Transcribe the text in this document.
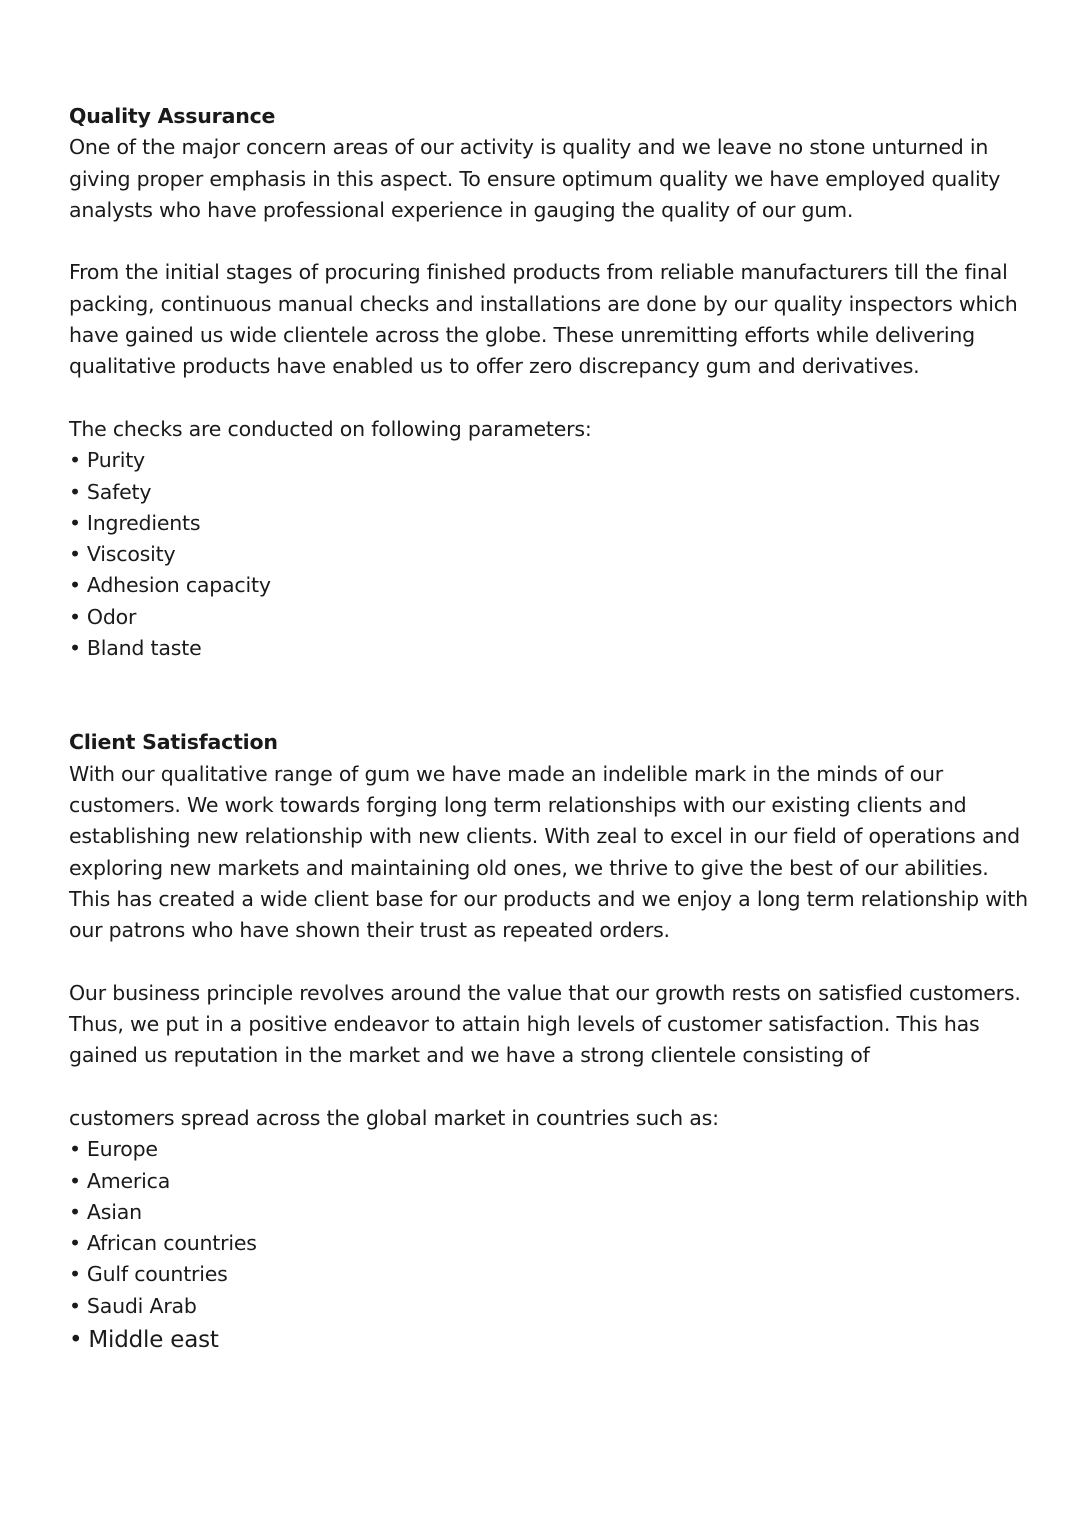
Quality Assurance

One of the major concern areas of our activity is quality and we leave no stone unturned in giving proper emphasis in this aspect. To ensure optimum quality we have employed quality analysts who have professional experience in gauging the quality of our gum.

From the initial stages of procuring finished products from reliable manufacturers till the final packing, continuous manual checks and installations are done by our quality inspectors which have gained us wide clientele across the globe. These unremitting efforts while delivering qualitative products have enabled us to offer zero discrepancy gum and derivatives.

The checks are conducted on following parameters:

• Purity
• Safety
• Ingredients
• Viscosity
• Adhesion capacity
• Odor
• Bland taste

Client Satisfaction

With our qualitative range of gum we have made an indelible mark in the minds of our customers. We work towards forging long term relationships with our existing clients and establishing new relationship with new clients. With zeal to excel in our field of operations and exploring new markets and maintaining old ones, we thrive to give the best of our abilities. This has created a wide client base for our products and we enjoy a long term relationship with our patrons who have shown their trust as repeated orders.

Our business principle revolves around the value that our growth rests on satisfied customers. Thus, we put in a positive endeavor to attain high levels of customer satisfaction. This has gained us reputation in the market and we have a strong clientele consisting of

customers spread across the global market in countries such as:

• Europe
• America
• Asian
• African countries
• Gulf countries
• Saudi Arab
• Middle east
